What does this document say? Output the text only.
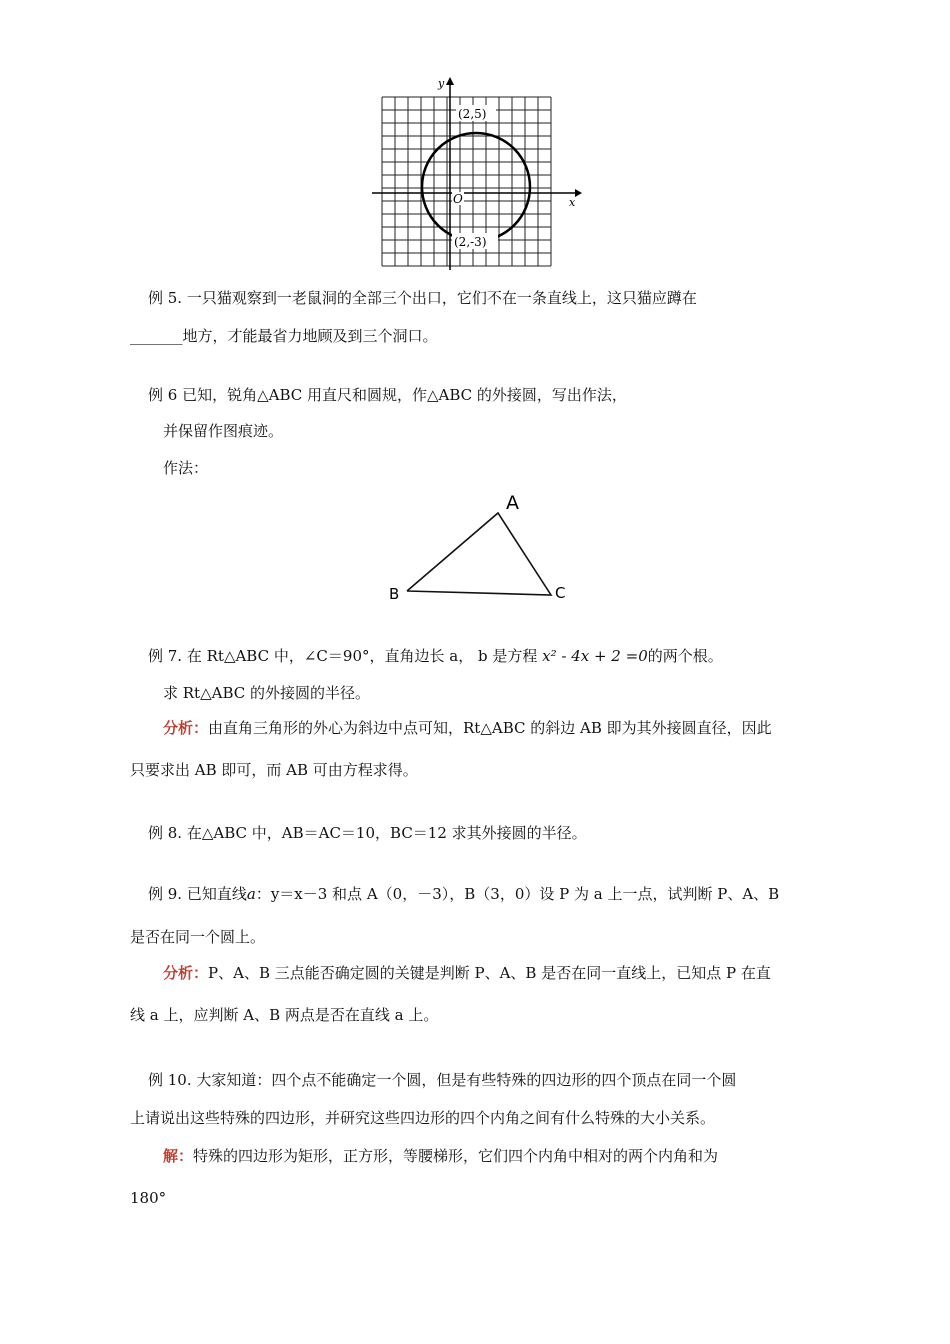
(2,5)
(2,-3)
O	x
y
例 5. 一只猫观察到一老鼠洞的全部三个出口，它们不在一条直线上，这只猫应蹲在
_______地方，才能最省力地顾及到三个洞口。
例 6 已知，锐角△ABC 用直尺和圆规，作△ABC 的外接圆，写出作法，
并保留作图痕迹。
作法：
A
B	C
例 7. 在 Rt△ABC 中，∠C＝90°，直角边长 a， b 是方程 x² - 4x + 2 =0的两个根。
求 Rt△ABC 的外接圆的半径。
分析：由直角三角形的外心为斜边中点可知，Rt△ABC 的斜边 AB 即为其外接圆直径，因此
只要求出 AB 即可，而 AB 可由方程求得。
例 8. 在△ABC 中，AB＝AC＝10，BC＝12 求其外接圆的半径。
例 9. 已知直线a：y＝x－3 和点 A（0，－3），B（3，0）设 P 为 a 上一点，试判断 P、A、B
是否在同一个圆上。
分析：P、A、B 三点能否确定圆的关键是判断 P、A、B 是否在同一直线上，已知点 P 在直
线 a 上，应判断 A、B 两点是否在直线 a 上。
例 10. 大家知道：四个点不能确定一个圆，但是有些特殊的四边形的四个顶点在同一个圆
上请说出这些特殊的四边形，并研究这些四边形的四个内角之间有什么特殊的大小关系。
解：特殊的四边形为矩形，正方形，等腰梯形，它们四个内角中相对的两个内角和为
180°
